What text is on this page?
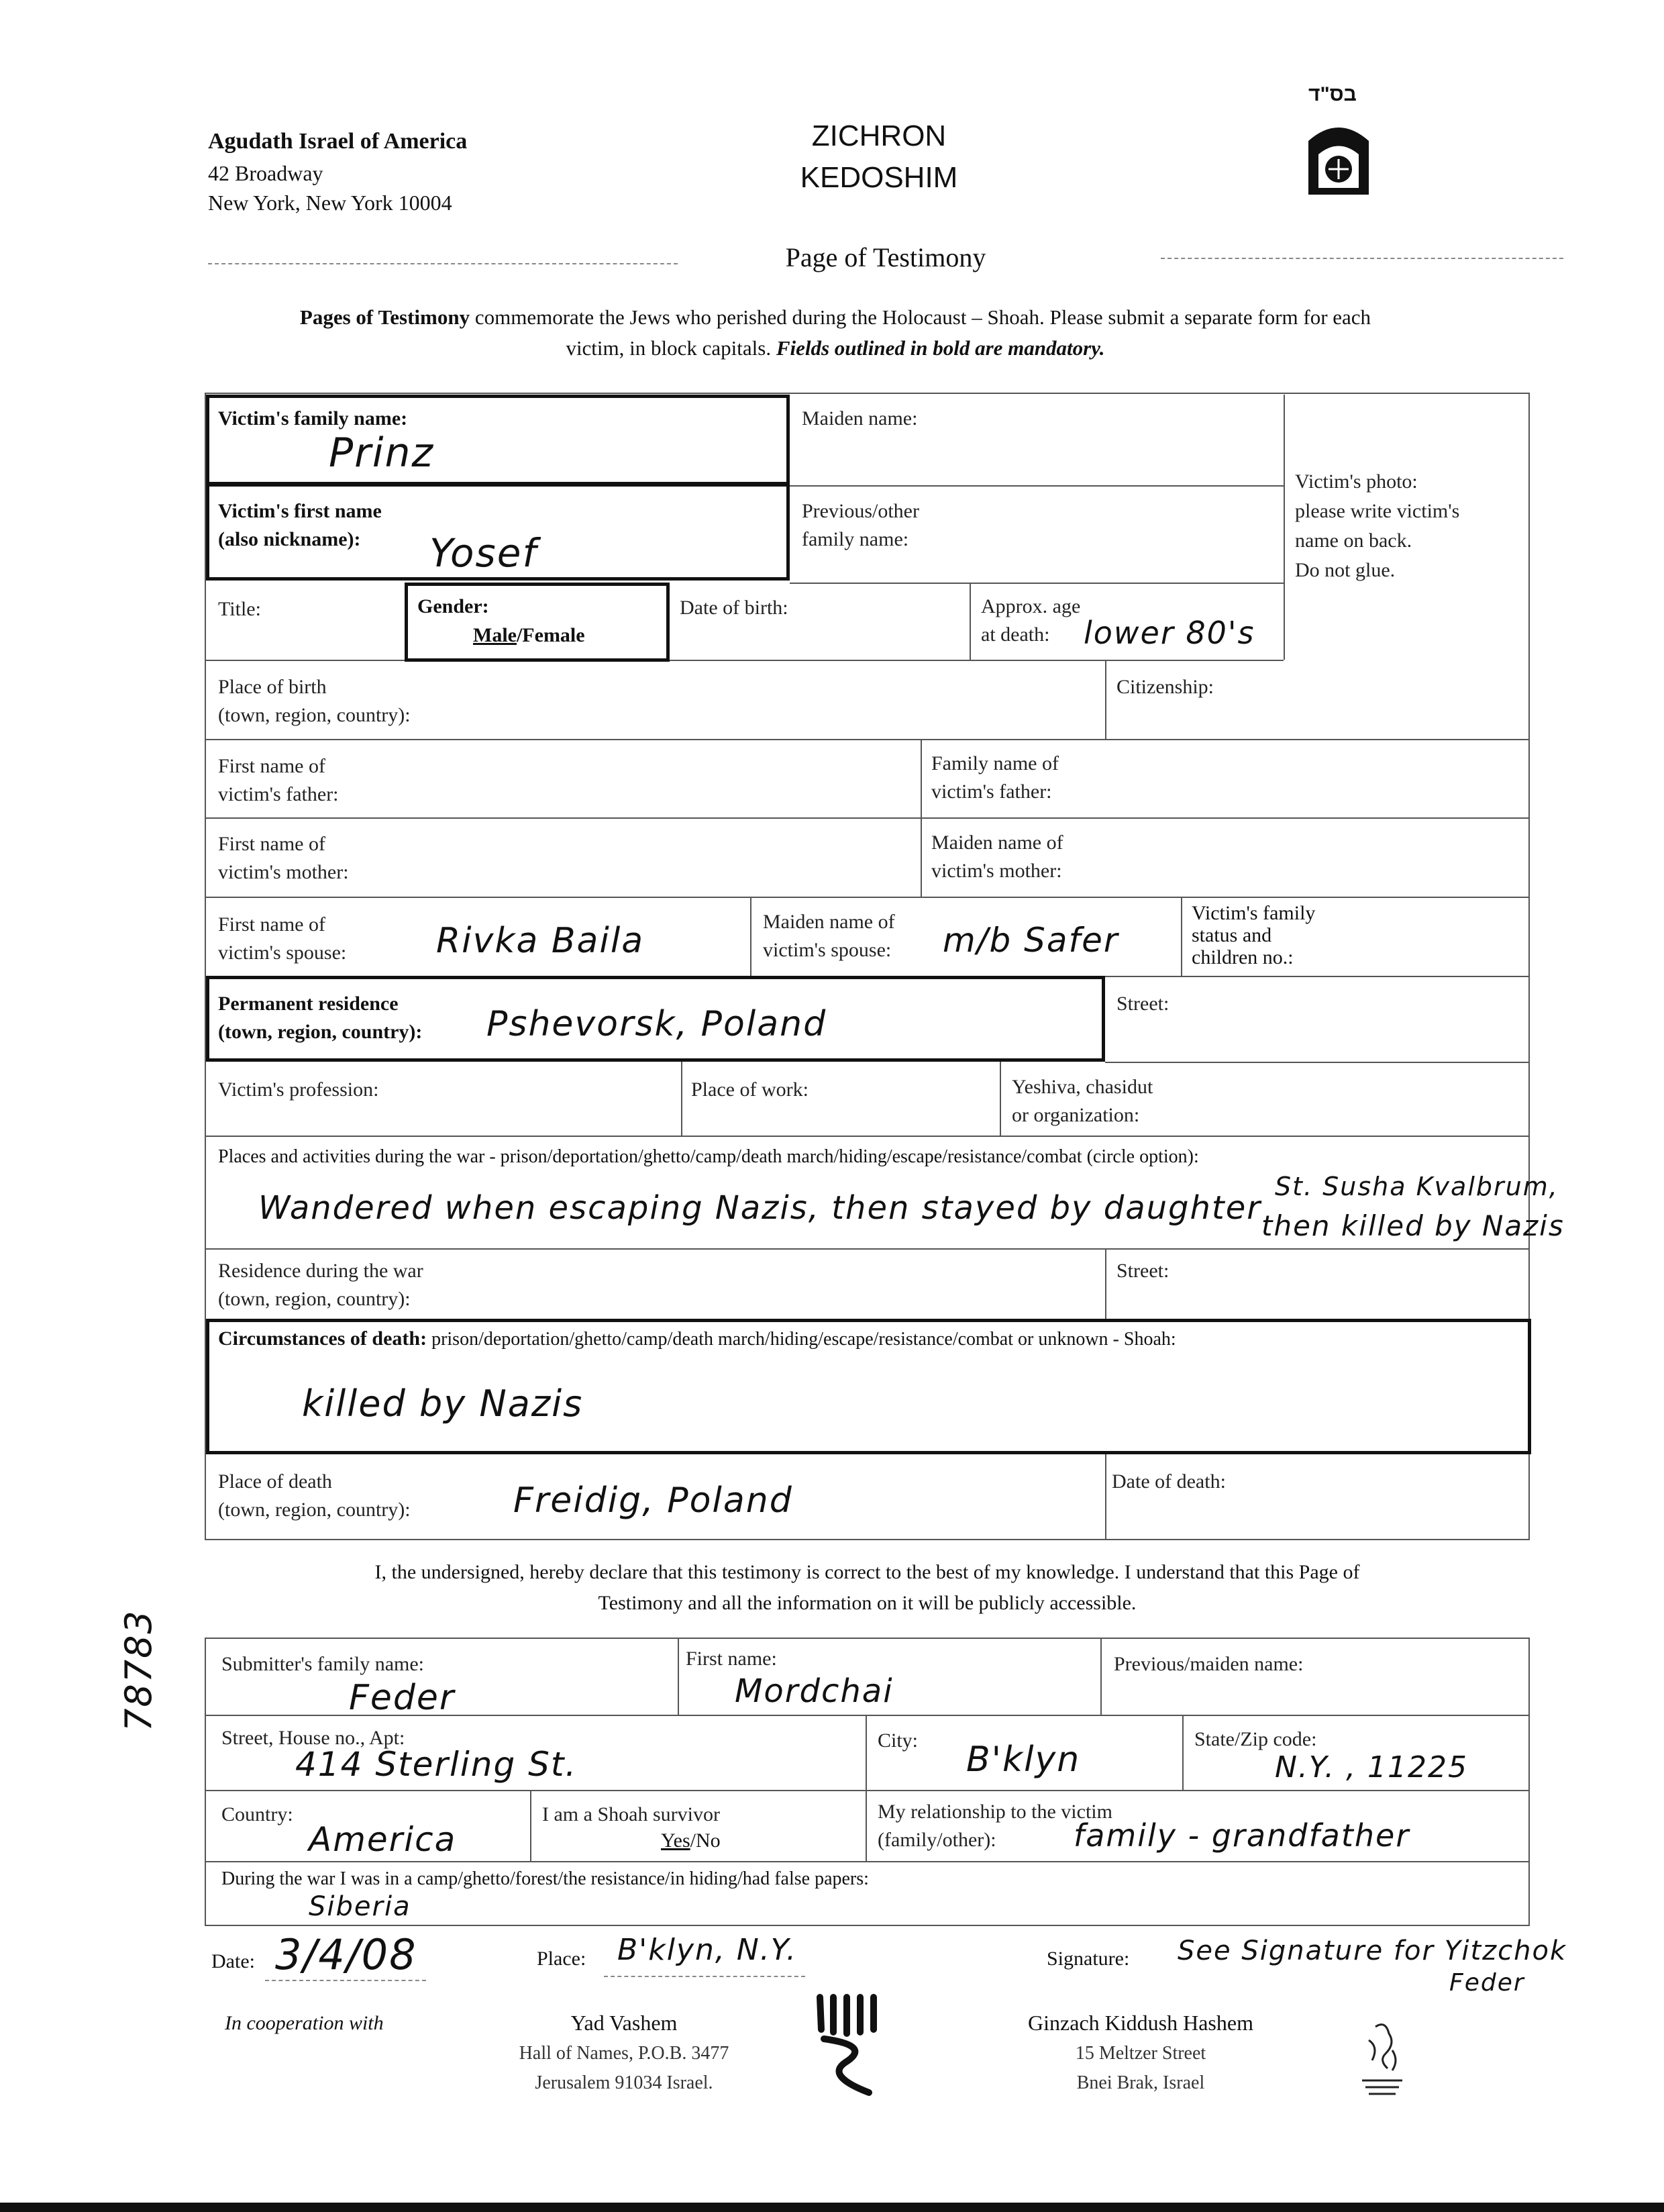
Agudath Israel of America
42 Broadway
New York, New York 10004
ZICHRON
KEDOSHIM
בס"ד
Page of Testimony
Pages of Testimony commemorate the Jews who perished during the Holocaust – Shoah. Please submit a separate form for each
victim, in block capitals. Fields outlined in bold are mandatory.
Victim's family name:
Prinz
Maiden name:
Victim's photo:
please write victim's
name on back.
Do not glue.
Victim's first name
(also nickname): Yosef
Previous/other
family name:
Title:	Gender:
Male/Female
Date of birth:	Approx. age
at death: lower 80's
Place of birth
(town, region, country):
Citizenship:
First name of
victim's father:
Family name of
victim's father:
First name of
victim's mother:
Maiden name of
victim's mother:
First name of
victim's spouse:	Rivka Baila	Maiden name of
victim's spouse: m/b Safer
Victim's family
status and
children no.:
Permanent residence
(town, region, country): Pshevorsk, Poland
Street:
Victim's profession:	Place of work:	Yeshiva, chasidut
or organization:
Places and activities during the war - prison/deportation/ghetto/camp/death march/hiding/escape/resistance/combat (circle option):
Wandered when escaping Nazis, then stayed by daughter
St. Susha Kvalbrum,
then killed by Nazis
Residence during the war
(town, region, country):
Street:
Circumstances of death: prison/deportation/ghetto/camp/death march/hiding/escape/resistance/combat or unknown - Shoah:
killed by Nazis
Place of death
(town, region, country):	Freidig, Poland	Date of death:
I, the undersigned, hereby declare that this testimony is correct to the best of my knowledge. I understand that this Page of
Testimony and all the information on it will be publicly accessible.
78783	Submitter's family name:
Feder
First name:
Mordchai
Previous/maiden name:
Street, House no., Apt:
414 Sterling St.
City: B'klyn
State/Zip code:
N.Y. , 11225
Country:
America
I am a Shoah survivor
Yes/No
My relationship to the victim
(family/other):	family - grandfather
During the war I was in a camp/ghetto/forest/the resistance/in hiding/had false papers:
Siberia
Date: 3/4/08	Place: B'klyn, N.Y.	Signature: See Signature for Yitzchok
Feder
In cooperation with	Yad Vashem
Hall of Names, P.O.B. 3477
Jerusalem 91034 Israel.
Ginzach Kiddush Hashem
15 Meltzer Street
Bnei Brak, Israel
